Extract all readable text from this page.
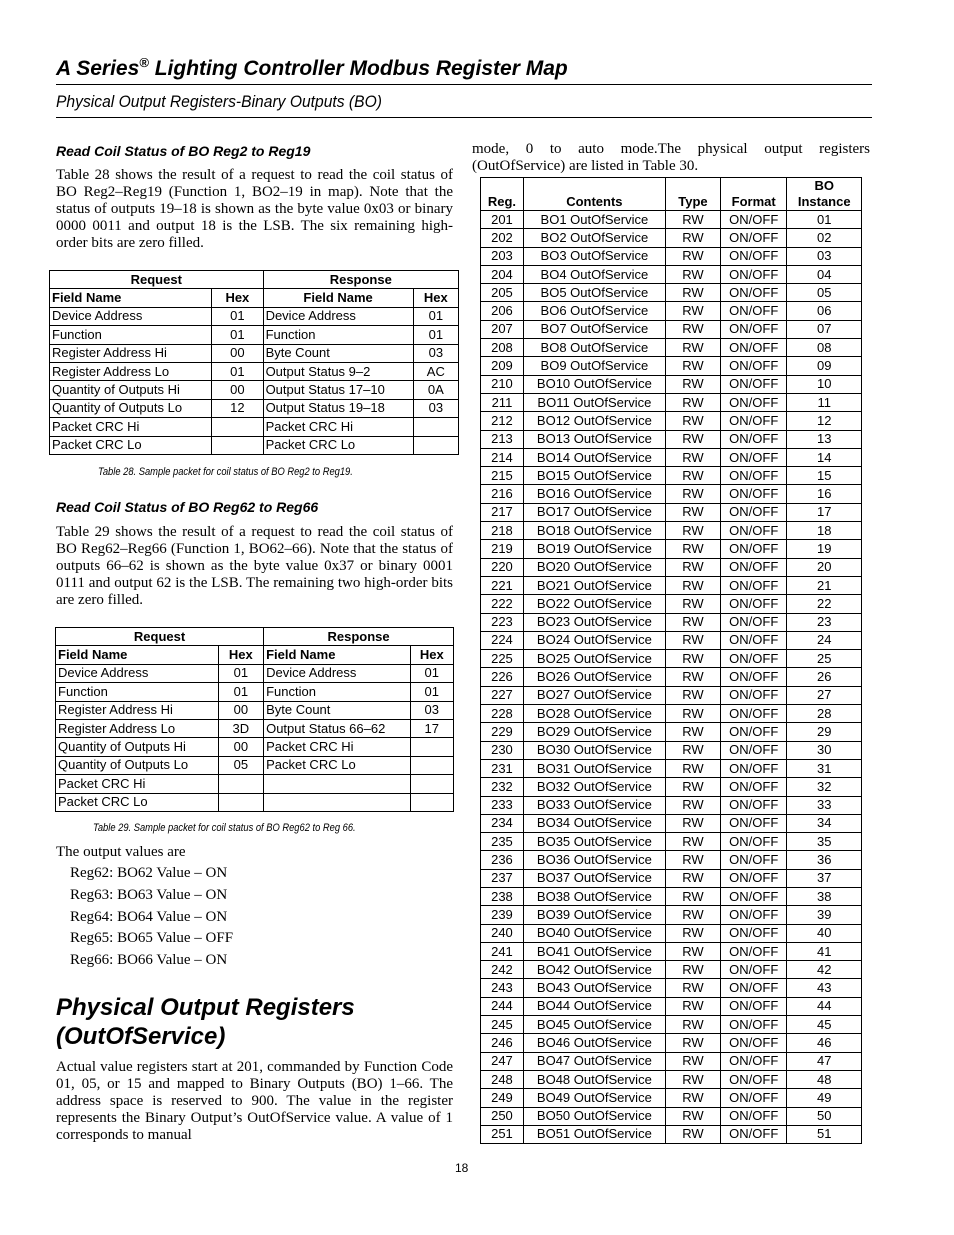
A Series® Lighting Controller Modbus Register Map
Physical Output Registers-Binary Outputs (BO)
Read Coil Status of BO Reg2 to Reg19
Table 28 shows the result of a request to read the coil status of BO Reg2–Reg19 (Function 1, BO2–19 in map). Note that the status of outputs 19–18 is shown as the byte value 0x03 or binary 0000 0011 and output 18 is the LSB. The six remaining high-order bits are zero filled.
Request		Response	
Field Name	Hex	Field Name	Hex
Device Address	01	Device Address	01
Function	01	Function	01
Register Address Hi	00	Byte Count	03
Register Address Lo	01	Output Status 9–2	AC
Quantity of Outputs Hi	00	Output Status 17–10	0A
Quantity of Outputs Lo	12	Output Status 19–18	03
Packet CRC Hi		Packet CRC Hi	
Packet CRC Lo		Packet CRC Lo	
Table 28. Sample packet for coil status of BO Reg2 to Reg19.
Read Coil Status of BO Reg62 to Reg66
Table 29 shows the result of a request to read the coil status of BO Reg62–Reg66 (Function 1, BO62–66). Note that the status of outputs 66–62 is shown as the byte value 0x37 or binary 0001 0111 and output 62 is the LSB. The remaining two high-order bits are zero filled.
Request		Response	
Field Name	Hex	Field Name	Hex
Device Address	01	Device Address	01
Function	01	Function	01
Register Address Hi	00	Byte Count	03
Register Address Lo	3D	Output Status 66–62	17
Quantity of Outputs Hi	00	Packet CRC Hi	
Quantity of Outputs Lo	05	Packet CRC Lo	
Packet CRC Hi			
Packet CRC Lo			
Table 29. Sample packet for coil status of BO Reg62 to Reg 66.
The output values are
Reg62: BO62 Value – ON
Reg63: BO63 Value – ON
Reg64: BO64 Value – ON
Reg65: BO65 Value – OFF
Reg66: BO66 Value – ON
Physical Output Registers
(OutOfService)
Actual value registers start at 201, commanded by Function Code 01, 05, or 15 and mapped to Binary Outputs (BO) 1–66. The address space is reserved to 900. The value in the register represents the Binary Output’s OutOfService value. A value of 1 corresponds to manual
mode, 0 to auto mode.The physical output registers (OutOfService) are listed in Table 30.
Reg.	Contents	Type	Format	BO
Instance

201	BO1 OutOfService	RW	ON/OFF	01
202	BO2 OutOfService	RW	ON/OFF	02
203	BO3 OutOfService	RW	ON/OFF	03
204	BO4 OutOfService	RW	ON/OFF	04
205	BO5 OutOfService	RW	ON/OFF	05
206	BO6 OutOfService	RW	ON/OFF	06
207	BO7 OutOfService	RW	ON/OFF	07
208	BO8 OutOfService	RW	ON/OFF	08
209	BO9 OutOfService	RW	ON/OFF	09
210	BO10 OutOfService	RW	ON/OFF	10
211	BO11 OutOfService	RW	ON/OFF	11
212	BO12 OutOfService	RW	ON/OFF	12
213	BO13 OutOfService	RW	ON/OFF	13
214	BO14 OutOfService	RW	ON/OFF	14
215	BO15 OutOfService	RW	ON/OFF	15
216	BO16 OutOfService	RW	ON/OFF	16
217	BO17 OutOfService	RW	ON/OFF	17
218	BO18 OutOfService	RW	ON/OFF	18
219	BO19 OutOfService	RW	ON/OFF	19
220	BO20 OutOfService	RW	ON/OFF	20
221	BO21 OutOfService	RW	ON/OFF	21
222	BO22 OutOfService	RW	ON/OFF	22
223	BO23 OutOfService	RW	ON/OFF	23
224	BO24 OutOfService	RW	ON/OFF	24
225	BO25 OutOfService	RW	ON/OFF	25
226	BO26 OutOfService	RW	ON/OFF	26
227	BO27 OutOfService	RW	ON/OFF	27
228	BO28 OutOfService	RW	ON/OFF	28
229	BO29 OutOfService	RW	ON/OFF	29
230	BO30 OutOfService	RW	ON/OFF	30
231	BO31 OutOfService	RW	ON/OFF	31
232	BO32 OutOfService	RW	ON/OFF	32
233	BO33 OutOfService	RW	ON/OFF	33
234	BO34 OutOfService	RW	ON/OFF	34
235	BO35 OutOfService	RW	ON/OFF	35
236	BO36 OutOfService	RW	ON/OFF	36
237	BO37 OutOfService	RW	ON/OFF	37
238	BO38 OutOfService	RW	ON/OFF	38
239	BO39 OutOfService	RW	ON/OFF	39
240	BO40 OutOfService	RW	ON/OFF	40
241	BO41 OutOfService	RW	ON/OFF	41
242	BO42 OutOfService	RW	ON/OFF	42
243	BO43 OutOfService	RW	ON/OFF	43
244	BO44 OutOfService	RW	ON/OFF	44
245	BO45 OutOfService	RW	ON/OFF	45
246	BO46 OutOfService	RW	ON/OFF	46
247	BO47 OutOfService	RW	ON/OFF	47
248	BO48 OutOfService	RW	ON/OFF	48
249	BO49 OutOfService	RW	ON/OFF	49
250	BO50 OutOfService	RW	ON/OFF	50
251	BO51 OutOfService	RW	ON/OFF	51
18
